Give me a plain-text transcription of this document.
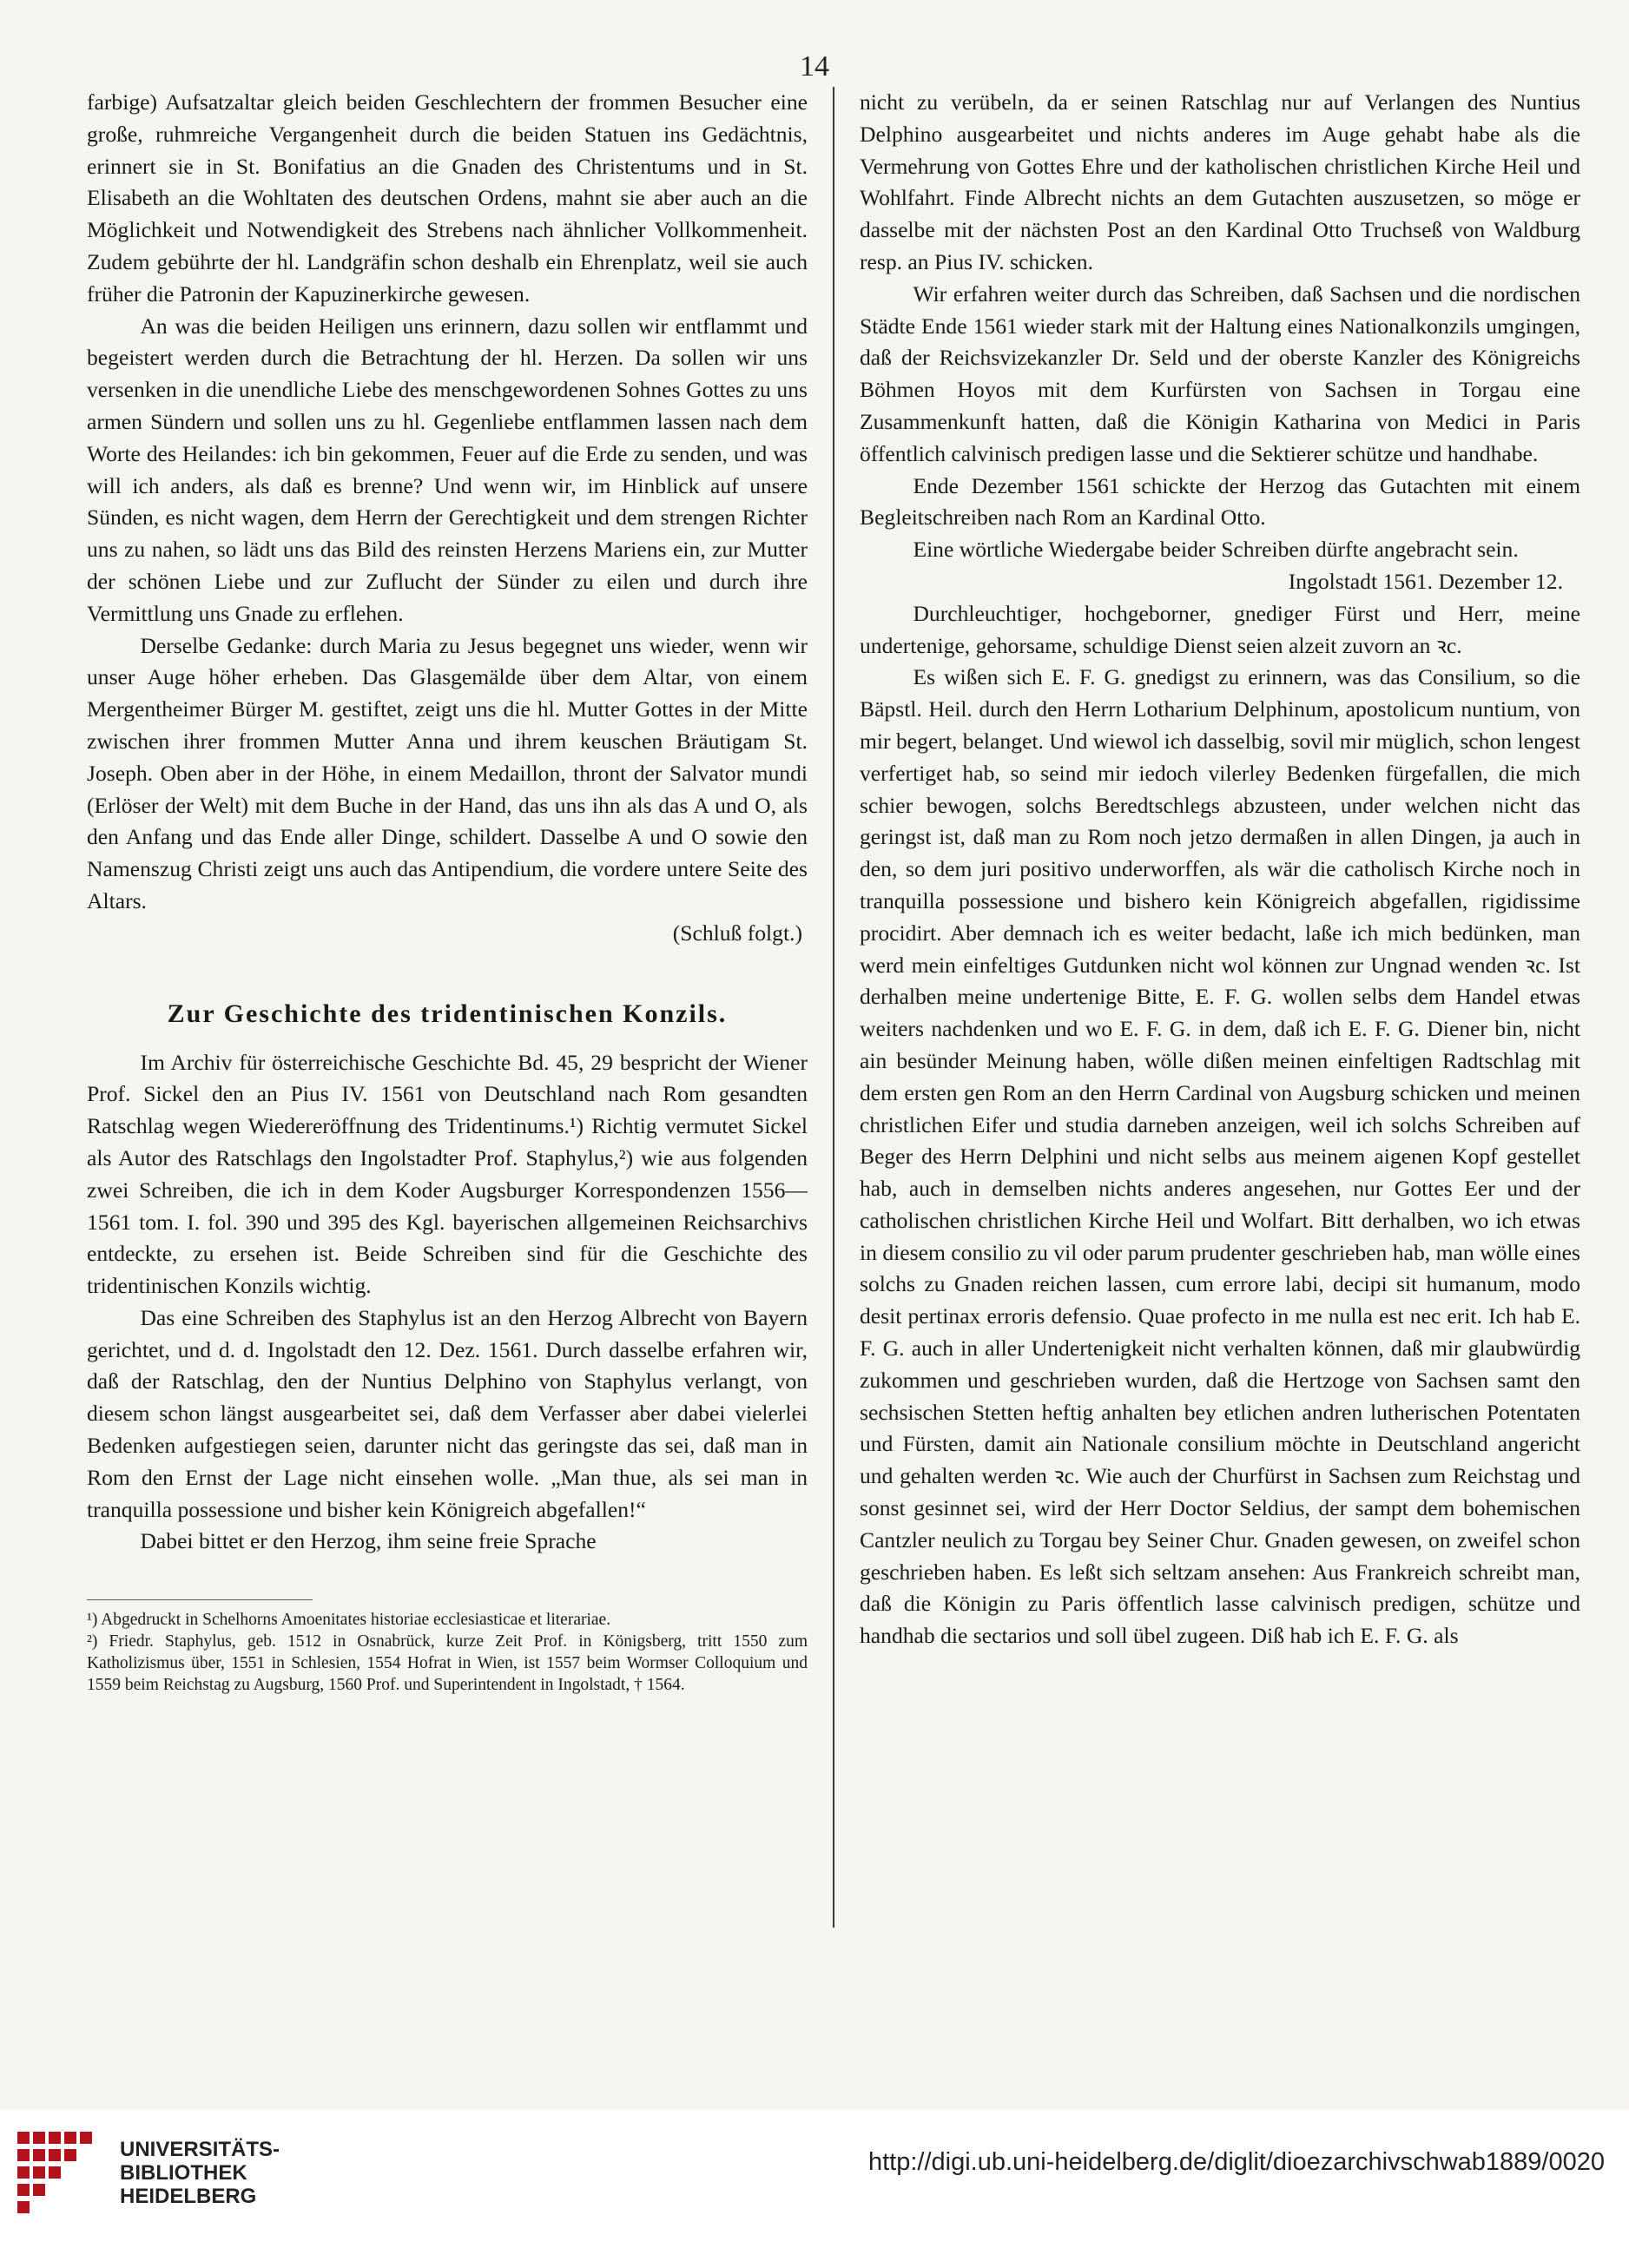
14

farbige) Aufsatzaltar gleich beiden Geschlechtern der frommen Besucher eine große, ruhmreiche Vergangenheit durch die beiden Statuen ins Gedächtnis, erinnert sie in St. Bonifatius an die Gnaden des Christentums und in St. Elisabeth an die Wohltaten des deutschen Ordens, mahnt sie aber auch an die Möglichkeit und Notwendigkeit des Strebens nach ähnlicher Vollkommenheit. Zudem gebührte der hl. Landgräfin schon deshalb ein Ehrenplatz, weil sie auch früher die Patronin der Kapuzinerkirche gewesen.

An was die beiden Heiligen uns erinnern, dazu sollen wir entflammt und begeistert werden durch die Betrachtung der hl. Herzen. Da sollen wir uns versenken in die unendliche Liebe des menschgewordenen Sohnes Gottes zu uns armen Sündern und sollen uns zu hl. Gegenliebe entflammen lassen nach dem Worte des Heilandes: ich bin gekommen, Feuer auf die Erde zu senden, und was will ich anders, als daß es brenne? Und wenn wir, im Hinblick auf unsere Sünden, es nicht wagen, dem Herrn der Gerechtigkeit und dem strengen Richter uns zu nahen, so lädt uns das Bild des reinsten Herzens Mariens ein, zur Mutter der schönen Liebe und zur Zuflucht der Sünder zu eilen und durch ihre Vermittlung uns Gnade zu erflehen.

Derselbe Gedanke: durch Maria zu Jesus begegnet uns wieder, wenn wir unser Auge höher erheben. Das Glasgemälde über dem Altar, von einem Mergentheimer Bürger M. gestiftet, zeigt uns die hl. Mutter Gottes in der Mitte zwischen ihrer frommen Mutter Anna und ihrem keuschen Bräutigam St. Joseph. Oben aber in der Höhe, in einem Medaillon, thront der Salvator mundi (Erlöser der Welt) mit dem Buche in der Hand, das uns ihn als das A und O, als den Anfang und das Ende aller Dinge, schildert. Dasselbe A und O sowie den Namenszug Christi zeigt uns auch das Antipendium, die vordere untere Seite des Altars.

(Schluß folgt.)

Zur Geschichte des tridentinischen Konzils.

Im Archiv für österreichische Geschichte Bd. 45, 29 bespricht der Wiener Prof. Sickel den an Pius IV. 1561 von Deutschland nach Rom gesandten Ratschlag wegen Wiedereröffnung des Tridentinums.¹) Richtig vermutet Sickel als Autor des Ratschlags den Ingolstadter Prof. Staphylus,²) wie aus folgenden zwei Schreiben, die ich in dem Koder Augsburger Korrespondenzen 1556—1561 tom. I. fol. 390 und 395 des Kgl. bayerischen allgemeinen Reichsarchivs entdeckte, zu ersehen ist. Beide Schreiben sind für die Geschichte des tridentinischen Konzils wichtig.

Das eine Schreiben des Staphylus ist an den Herzog Albrecht von Bayern gerichtet, und d. d. Ingolstadt den 12. Dez. 1561. Durch dasselbe erfahren wir, daß der Ratschlag, den der Nuntius Delphino von Staphylus verlangt, von diesem schon längst ausgearbeitet sei, daß dem Verfasser aber dabei vielerlei Bedenken aufgestiegen seien, darunter nicht das geringste das sei, daß man in Rom den Ernst der Lage nicht einsehen wolle. „Man thue, als sei man in tranquilla possessione und bisher kein Königreich abgefallen!“

Dabei bittet er den Herzog, ihm seine freie Sprache

¹) Abgedruckt in Schelhorns Amoenitates historiae ecclesiasticae et literariae.

²) Friedr. Staphylus, geb. 1512 in Osnabrück, kurze Zeit Prof. in Königsberg, tritt 1550 zum Katholizismus über, 1551 in Schlesien, 1554 Hofrat in Wien, ist 1557 beim Wormser Colloquium und 1559 beim Reichstag zu Augsburg, 1560 Prof. und Superintendent in Ingolstadt, † 1564.

nicht zu verübeln, da er seinen Ratschlag nur auf Verlangen des Nuntius Delphino ausgearbeitet und nichts anderes im Auge gehabt habe als die Vermehrung von Gottes Ehre und der katholischen christlichen Kirche Heil und Wohlfahrt. Finde Albrecht nichts an dem Gutachten auszusetzen, so möge er dasselbe mit der nächsten Post an den Kardinal Otto Truchseß von Waldburg resp. an Pius IV. schicken.

Wir erfahren weiter durch das Schreiben, daß Sachsen und die nordischen Städte Ende 1561 wieder stark mit der Haltung eines Nationalkonzils umgingen, daß der Reichsvizekanzler Dr. Seld und der oberste Kanzler des Königreichs Böhmen Hoyos mit dem Kurfürsten von Sachsen in Torgau eine Zusammenkunft hatten, daß die Königin Katharina von Medici in Paris öffentlich calvinisch predigen lasse und die Sektierer schütze und handhabe.

Ende Dezember 1561 schickte der Herzog das Gutachten mit einem Begleitschreiben nach Rom an Kardinal Otto.

Eine wörtliche Wiedergabe beider Schreiben dürfte angebracht sein.

Ingolstadt 1561. Dezember 12.

Durchleuchtiger, hochgeborner, gnediger Fürst und Herr, meine undertenige, gehorsame, schuldige Dienst seien alzeit zuvorn an ꝛc.

Es wißen sich E. F. G. gnedigst zu erinnern, was das Consilium, so die Bäpstl. Heil. durch den Herrn Lotharium Delphinum, apostolicum nuntium, von mir begert, belanget. Und wiewol ich dasselbig, sovil mir müglich, schon lengest verfertiget hab, so seind mir iedoch vilerley Bedenken fürgefallen, die mich schier bewogen, solchs Beredtschlegs abzusteen, under welchen nicht das geringst ist, daß man zu Rom noch jetzo dermaßen in allen Dingen, ja auch in den, so dem juri positivo underworffen, als wär die catholisch Kirche noch in tranquilla possessione und bishero kein Königreich abgefallen, rigidissime procidirt. Aber demnach ich es weiter bedacht, laße ich mich bedünken, man werd mein einfeltiges Gutdunken nicht wol können zur Ungnad wenden ꝛc. Ist derhalben meine undertenige Bitte, E. F. G. wollen selbs dem Handel etwas weiters nachdenken und wo E. F. G. in dem, daß ich E. F. G. Diener bin, nicht ain besünder Meinung haben, wölle dißen meinen einfeltigen Radtschlag mit dem ersten gen Rom an den Herrn Cardinal von Augsburg schicken und meinen christlichen Eifer und studia darneben anzeigen, weil ich solchs Schreiben auf Beger des Herrn Delphini und nicht selbs aus meinem aigenen Kopf gestellet hab, auch in demselben nichts anderes angesehen, nur Gottes Eer und der catholischen christlichen Kirche Heil und Wolfart. Bitt derhalben, wo ich etwas in diesem consilio zu vil oder parum prudenter geschrieben hab, man wölle eines solchs zu Gnaden reichen lassen, cum errore labi, decipi sit humanum, modo desit pertinax erroris defensio. Quae profecto in me nulla est nec erit. Ich hab E. F. G. auch in aller Undertenigkeit nicht verhalten können, daß mir glaubwürdig zukommen und geschrieben wurden, daß die Hertzoge von Sachsen samt den sechsischen Stetten heftig anhalten bey etlichen andren lutherischen Potentaten und Fürsten, damit ain Nationale consilium möchte in Deutschland angericht und gehalten werden ꝛc. Wie auch der Churfürst in Sachsen zum Reichstag und sonst gesinnet sei, wird der Herr Doctor Seldius, der sampt dem bohemischen Cantzler neulich zu Torgau bey Seiner Chur. Gnaden gewesen, on zweifel schon geschrieben haben. Es leßt sich seltzam ansehen: Aus Frankreich schreibt man, daß die Königin zu Paris öffentlich lasse calvinisch predigen, schütze und handhab die sectarios und soll übel zugeen. Diß hab ich E. F. G. als

UNIVERSITÄTS-
BIBLIOTHEK
HEIDELBERG
http://digi.ub.uni-heidelberg.de/diglit/dioezarchivschwab1889/0020
